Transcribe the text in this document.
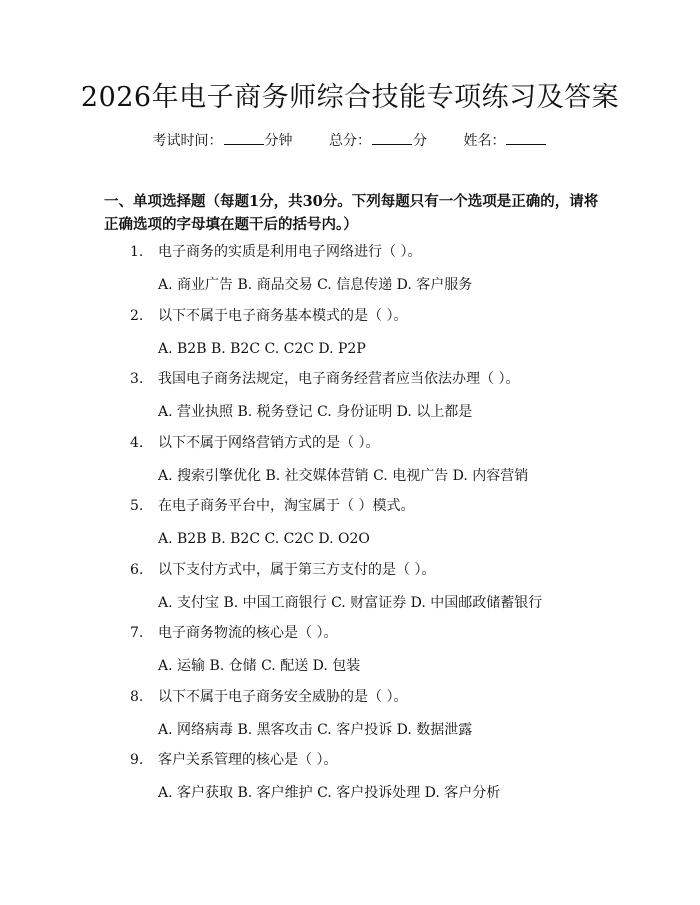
2026年电子商务师综合技能专项练习及答案
考试时间：	分钟	总分：	分	姓名：
一、单项选择题（每题1分，共30分。下列每题只有一个选项是正确的，请将正确选项的字母填在题干后的括号内。）
1. 电子商务的实质是利用电子网络进行（ ）。
A. 商业广告 B. 商品交易 C. 信息传递 D. 客户服务
2. 以下不属于电子商务基本模式的是（ ）。
A. B2B B. B2C C. C2C D. P2P
3. 我国电子商务法规定，电子商务经营者应当依法办理（ ）。
A. 营业执照 B. 税务登记 C. 身份证明 D. 以上都是
4. 以下不属于网络营销方式的是（ ）。
A. 搜索引擎优化 B. 社交媒体营销 C. 电视广告 D. 内容营销
5. 在电子商务平台中，淘宝属于（ ）模式。
A. B2B B. B2C C. C2C D. O2O
6. 以下支付方式中，属于第三方支付的是（ ）。
A. 支付宝 B. 中国工商银行 C. 财富证券 D. 中国邮政储蓄银行
7. 电子商务物流的核心是（ ）。
A. 运输 B. 仓储 C. 配送 D. 包装
8. 以下不属于电子商务安全威胁的是（ ）。
A. 网络病毒 B. 黑客攻击 C. 客户投诉 D. 数据泄露
9. 客户关系管理的核心是（ ）。
A. 客户获取 B. 客户维护 C. 客户投诉处理 D. 客户分析
